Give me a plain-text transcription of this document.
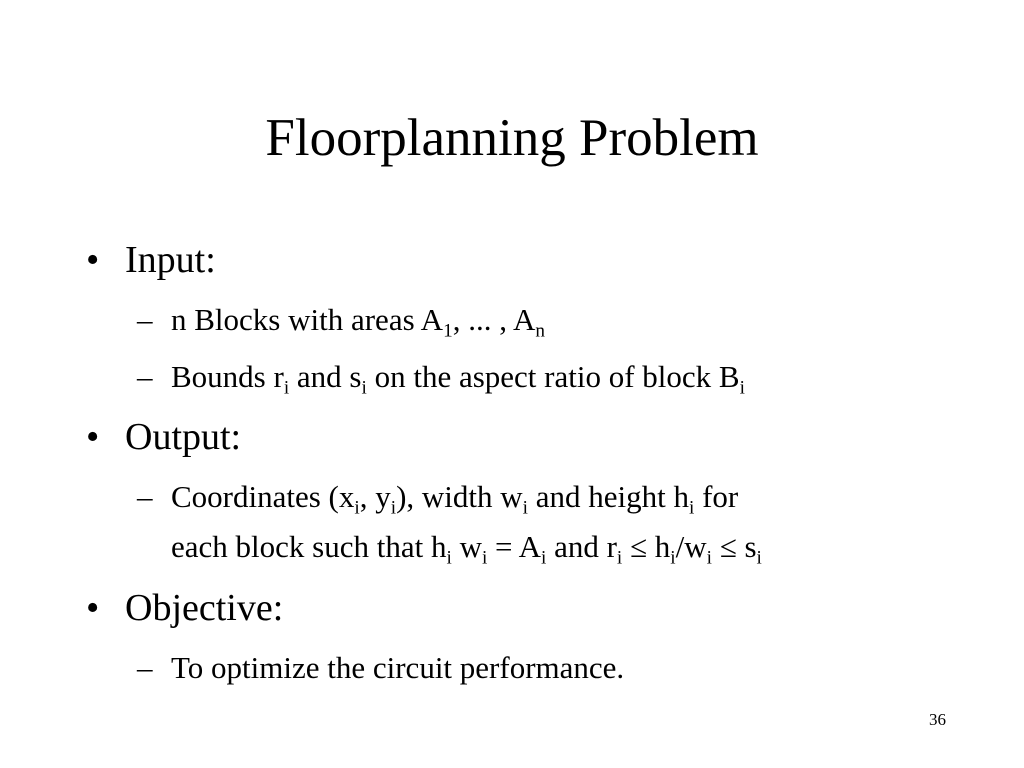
Floorplanning Problem
• Input:
– n Blocks with areas $A_1$, ... , $A_n$
– Bounds $r_i$ and $s_i$ on the aspect ratio of block $B_i$
• Output:
– Coordinates ($x_i$, $y_i$), width $w_i$ and height $h_i$ for
each block such that $h_i$ $w_i = A_i$ and $r_i \le h_i/w_i \le s_i$
• Objective:
– To optimize the circuit performance.
36
